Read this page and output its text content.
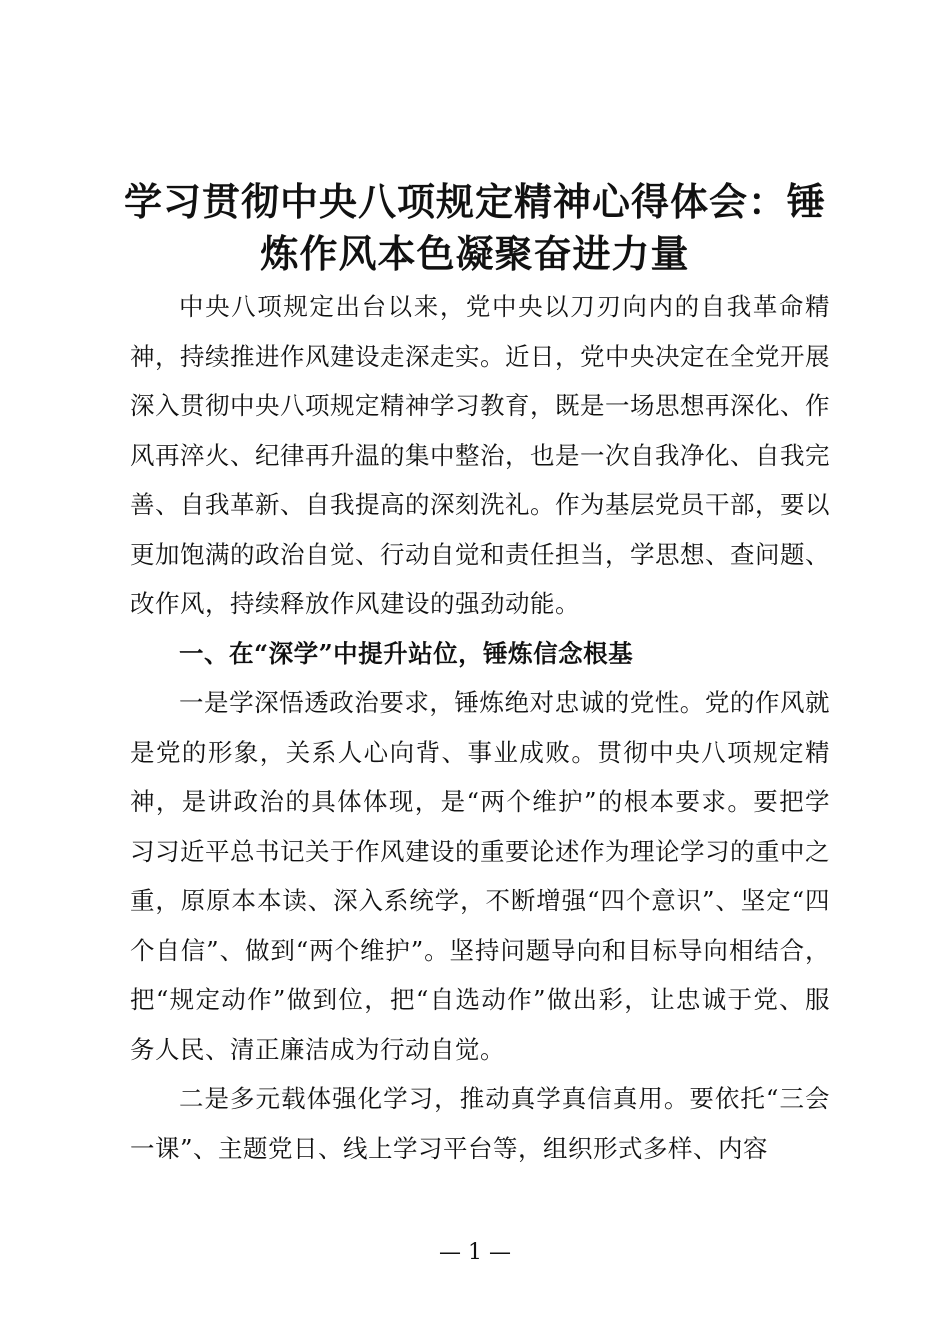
学习贯彻中央八项规定精神心得体会：锤炼作风本色凝聚奋进力量

中央八项规定出台以来，党中央以刀刃向内的自我革命精神，持续推进作风建设走深走实。近日，党中央决定在全党开展深入贯彻中央八项规定精神学习教育，既是一场思想再深化、作风再淬火、纪律再升温的集中整治，也是一次自我净化、自我完善、自我革新、自我提高的深刻洗礼。作为基层党员干部，要以更加饱满的政治自觉、行动自觉和责任担当，学思想、查问题、改作风，持续释放作风建设的强劲动能。

一、在“深学”中提升站位，锤炼信念根基

一是学深悟透政治要求，锤炼绝对忠诚的党性。党的作风就是党的形象，关系人心向背、事业成败。贯彻中央八项规定精神，是讲政治的具体体现，是“两个维护”的根本要求。要把学习习近平总书记关于作风建设的重要论述作为理论学习的重中之重，原原本本读、深入系统学，不断增强“四个意识”、坚定“四个自信”、做到“两个维护”。坚持问题导向和目标导向相结合，把“规定动作”做到位，把“自选动作”做出彩，让忠诚于党、服务人民、清正廉洁成为行动自觉。

二是多元载体强化学习，推动真学真信真用。要依托“三会一课”、主题党日、线上学习平台等，组织形式多样、内容

— 1 —
